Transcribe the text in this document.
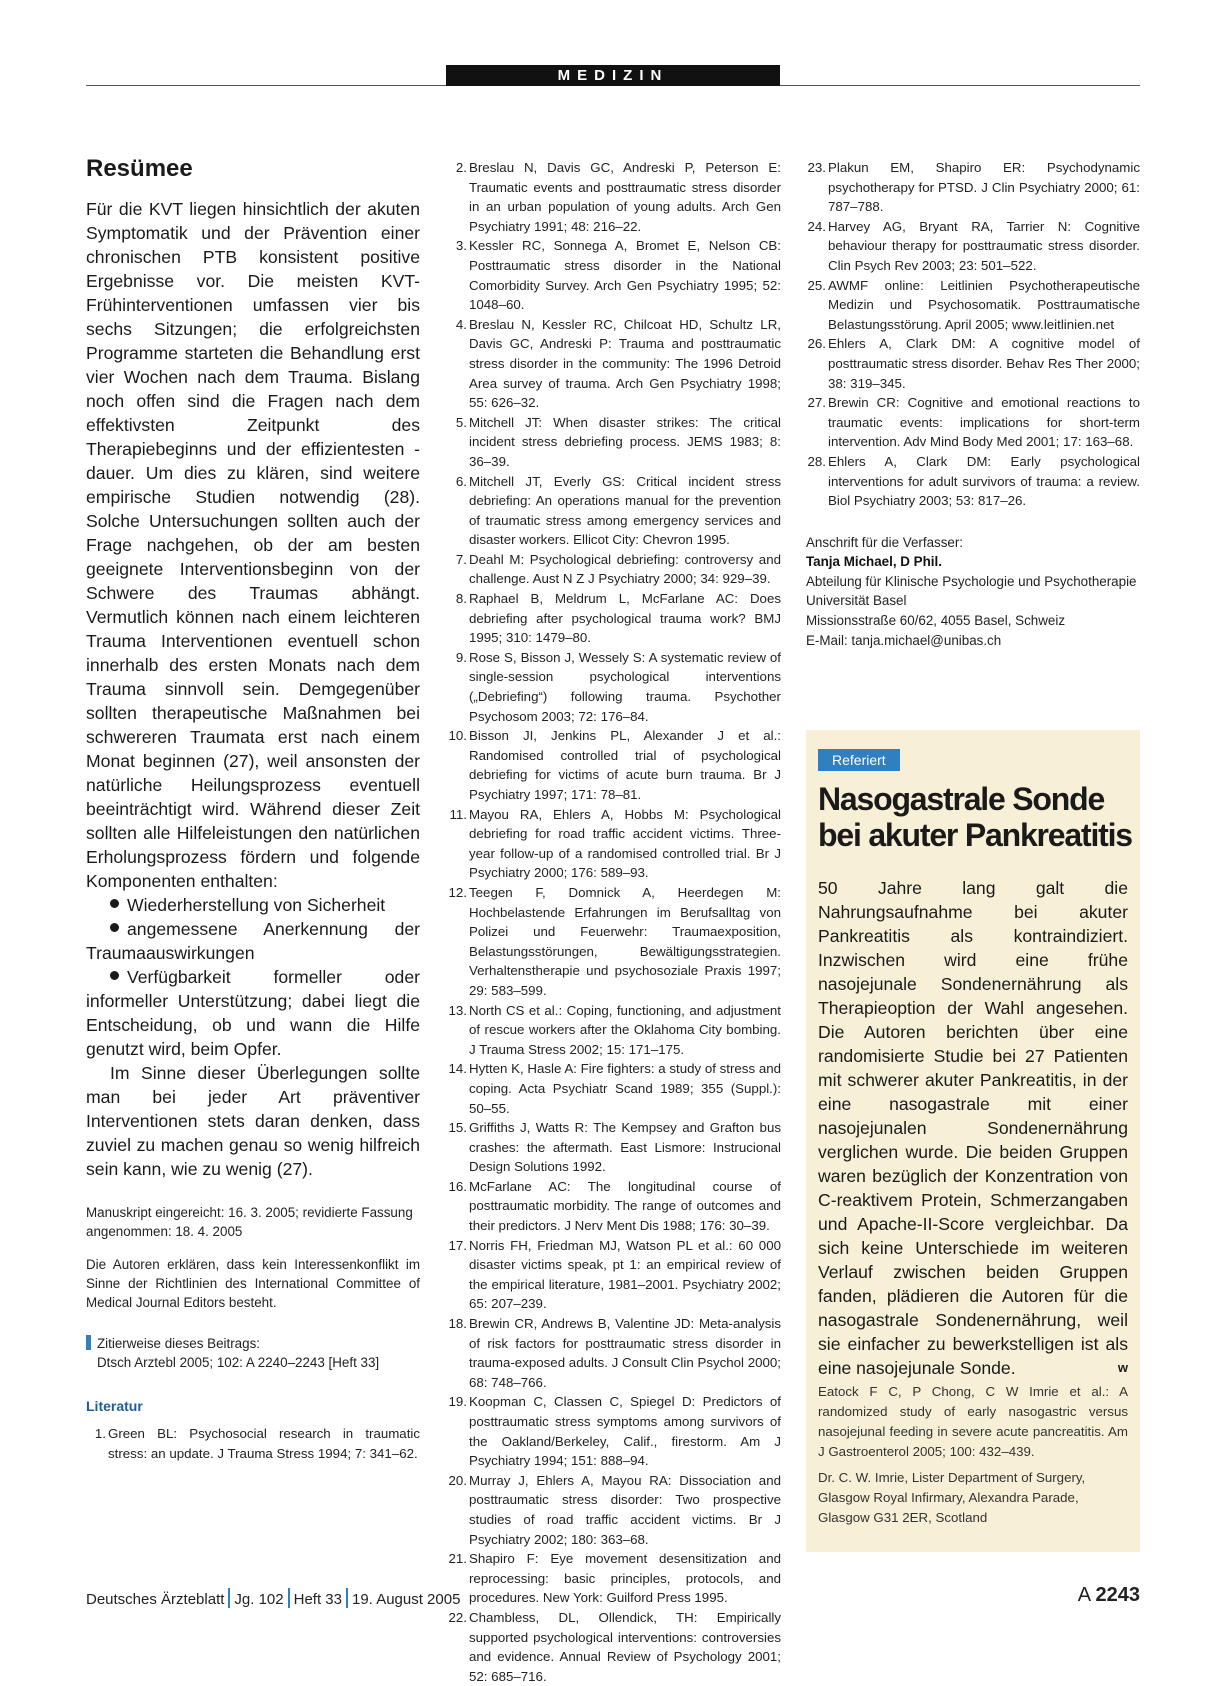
MEDIZIN
Resümee

Für die KVT liegen hinsichtlich der akuten Symptomatik und der Prävention einer chronischen PTB konsistent positive Ergebnisse vor. Die meisten KVT-Frühinterventionen umfassen vier bis sechs Sitzungen; die erfolgreichsten Programme starteten die Behandlung erst vier Wochen nach dem Trauma. Bislang noch offen sind die Fragen nach dem effektivsten Zeitpunkt des Therapiebeginns und der effizientesten -dauer. Um dies zu klären, sind weitere empirische Studien notwendig (28). Solche Untersuchungen sollten auch der Frage nachgehen, ob der am besten geeignete Interventionsbeginn von der Schwere des Traumas abhängt. Vermutlich können nach einem leichteren Trauma Interventionen eventuell schon innerhalb des ersten Monats nach dem Trauma sinnvoll sein. Demgegenüber sollten therapeutische Maßnahmen bei schwereren Traumata erst nach einem Monat beginnen (27), weil ansonsten der natürliche Heilungsprozess eventuell beeinträchtigt wird. Während dieser Zeit sollten alle Hilfeleistungen den natürlichen Erholungsprozess fördern und folgende Komponenten enthalten:

Wiederherstellung von Sicherheit

angemessene Anerkennung der Traumaauswirkungen

Verfügbarkeit formeller oder informeller Unterstützung; dabei liegt die Entscheidung, ob und wann die Hilfe genutzt wird, beim Opfer.

Im Sinne dieser Überlegungen sollte man bei jeder Art präventiver Interventionen stets daran denken, dass zuviel zu machen genau so wenig hilfreich sein kann, wie zu wenig (27).

Manuskript eingereicht: 16. 3. 2005; revidierte Fassung angenommen: 18. 4. 2005

Die Autoren erklären, dass kein Interessenkonflikt im Sinne der Richtlinien des International Committee of Medical Journal Editors besteht.

Zitierweise dieses Beitrags:
Dtsch Arztebl 2005; 102: A 2240–2243 [Heft 33]
Literatur
1. Green BL: Psychosocial research in traumatic stress: an update. J Trauma Stress 1994; 7: 341–62.
2. Breslau N, Davis GC, Andreski P, Peterson E: Traumatic events and posttraumatic stress disorder in an urban population of young adults. Arch Gen Psychiatry 1991; 48: 216–22.
3. Kessler RC, Sonnega A, Bromet E, Nelson CB: Posttraumatic stress disorder in the National Comorbidity Survey. Arch Gen Psychiatry 1995; 52: 1048–60.
4. Breslau N, Kessler RC, Chilcoat HD, Schultz LR, Davis GC, Andreski P: Trauma and posttraumatic stress disorder in the community: The 1996 Detroid Area survey of trauma. Arch Gen Psychiatry 1998; 55: 626–32.
5. Mitchell JT: When disaster strikes: The critical incident stress debriefing process. JEMS 1983; 8: 36–39.
6. Mitchell JT, Everly GS: Critical incident stress debriefing: An operations manual for the prevention of traumatic stress among emergency services and disaster workers. Ellicot City: Chevron 1995.
7. Deahl M: Psychological debriefing: controversy and challenge. Aust N Z J Psychiatry 2000; 34: 929–39.
8. Raphael B, Meldrum L, McFarlane AC: Does debriefing after psychological trauma work? BMJ 1995; 310: 1479–80.
9. Rose S, Bisson J, Wessely S: A systematic review of single-session psychological interventions („Debriefing“) following trauma. Psychother Psychosom 2003; 72: 176–84.
10. Bisson JI, Jenkins PL, Alexander J et al.: Randomised controlled trial of psychological debriefing for victims of acute burn trauma. Br J Psychiatry 1997; 171: 78–81.
11. Mayou RA, Ehlers A, Hobbs M: Psychological debriefing for road traffic accident victims. Three-year follow-up of a randomised controlled trial. Br J Psychiatry 2000; 176: 589–93.
12. Teegen F, Domnick A, Heerdegen M: Hochbelastende Erfahrungen im Berufsalltag von Polizei und Feuerwehr: Traumaexposition, Belastungsstörungen, Bewältigungsstrategien. Verhaltenstherapie und psychosoziale Praxis 1997; 29: 583–599.
13. North CS et al.: Coping, functioning, and adjustment of rescue workers after the Oklahoma City bombing. J Trauma Stress 2002; 15: 171–175.
14. Hytten K, Hasle A: Fire fighters: a study of stress and coping. Acta Psychiatr Scand 1989; 355 (Suppl.): 50–55.
15. Griffiths J, Watts R: The Kempsey and Grafton bus crashes: the aftermath. East Lismore: Instrucional Design Solutions 1992.
16. McFarlane AC: The longitudinal course of posttraumatic morbidity. The range of outcomes and their predictors. J Nerv Ment Dis 1988; 176: 30–39.
17. Norris FH, Friedman MJ, Watson PL et al.: 60 000 disaster victims speak, pt 1: an empirical review of the empirical literature, 1981–2001. Psychiatry 2002; 65: 207–239.
18. Brewin CR, Andrews B, Valentine JD: Meta-analysis of risk factors for posttraumatic stress disorder in trauma-exposed adults. J Consult Clin Psychol 2000; 68: 748–766.
19. Koopman C, Classen C, Spiegel D: Predictors of posttraumatic stress symptoms among survivors of the Oakland/Berkeley, Calif., firestorm. Am J Psychiatry 1994; 151: 888–94.
20. Murray J, Ehlers A, Mayou RA: Dissociation and posttraumatic stress disorder: Two prospective studies of road traffic accident victims. Br J Psychiatry 2002; 180: 363–68.
21. Shapiro F: Eye movement desensitization and reprocessing: basic principles, protocols, and procedures. New York: Guilford Press 1995.
22. Chambless, DL, Ollendick, TH: Empirically supported psychological interventions: controversies and evidence. Annual Review of Psychology 2001; 52: 685–716.
23. Plakun EM, Shapiro ER: Psychodynamic psychotherapy for PTSD. J Clin Psychiatry 2000; 61: 787–788.
24. Harvey AG, Bryant RA, Tarrier N: Cognitive behaviour therapy for posttraumatic stress disorder. Clin Psych Rev 2003; 23: 501–522.
25. AWMF online: Leitlinien Psychotherapeutische Medizin und Psychosomatik. Posttraumatische Belastungsstörung. April 2005; www.leitlinien.net
26. Ehlers A, Clark DM: A cognitive model of posttraumatic stress disorder. Behav Res Ther 2000; 38: 319–345.
27. Brewin CR: Cognitive and emotional reactions to traumatic events: implications for short-term intervention. Adv Mind Body Med 2001; 17: 163–68.
28. Ehlers A, Clark DM: Early psychological interventions for adult survivors of trauma: a review. Biol Psychiatry 2003; 53: 817–26.
Anschrift für die Verfasser:
Tanja Michael, D Phil.
Abteilung für Klinische Psychologie und Psychotherapie
Universität Basel
Missionsstraße 60/62, 4055 Basel, Schweiz
E-Mail: tanja.michael@unibas.ch
Referiert
Nasogastrale Sonde bei akuter Pankreatitis
50 Jahre lang galt die Nahrungsaufnahme bei akuter Pankreatitis als kontraindiziert. Inzwischen wird eine frühe nasojejunale Sondenernährung als Therapieoption der Wahl angesehen. Die Autoren berichten über eine randomisierte Studie bei 27 Patienten mit schwerer akuter Pankreatitis, in der eine nasogastrale mit einer nasojejunalen Sondenernährung verglichen wurde. Die beiden Gruppen waren bezüglich der Konzentration von C-reaktivem Protein, Schmerzangaben und Apache-II-Score vergleichbar. Da sich keine Unterschiede im weiteren Verlauf zwischen beiden Gruppen fanden, plädieren die Autoren für die nasogastrale Sondenernährung, weil sie einfacher zu bewerkstelligen ist als eine nasojejunale Sonde.	w
Eatock F C, P Chong, C W Imrie et al.: A randomized study of early nasogastric versus nasojejunal feeding in severe acute pancreatitis. Am J Gastroenterol 2005; 100: 432–439.
Dr. C. W. Imrie, Lister Department of Surgery, Glasgow Royal Infirmary, Alexandra Parade, Glasgow G31 2ER, Scotland
Deutsches Ärzteblatt Jg. 102 Heft 33 19. August 2005	A 2243
